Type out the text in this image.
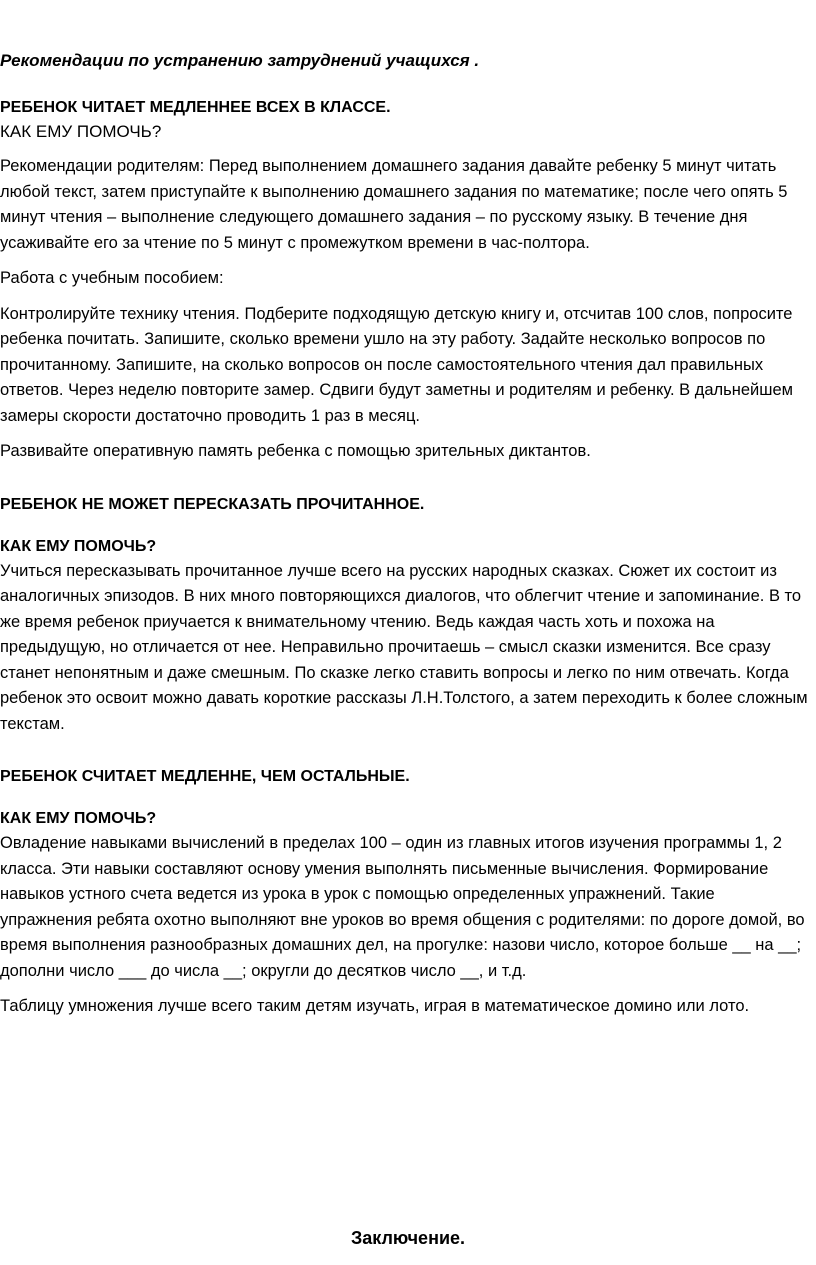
Рекомендации по устранению затруднений учащихся .

РЕБЕНОК ЧИТАЕТ МЕДЛЕННЕЕ ВСЕХ В КЛАССЕ.

КАК ЕМУ ПОМОЧЬ?

Рекомендации родителям: Перед выполнением домашнего задания давайте ребенку 5 минут читать любой текст, затем приступайте к выполнению домашнего задания по математике; после чего опять 5 минут чтения – выполнение следующего домашнего задания – по русскому языку. В течение дня усаживайте его за чтение по 5 минут с промежутком времени в час-полтора.

Работа с учебным пособием:

Контролируйте технику чтения. Подберите подходящую детскую книгу и, отсчитав 100 слов, попросите ребенка почитать. Запишите, сколько времени ушло на эту работу. Задайте несколько вопросов по прочитанному. Запишите, на сколько вопросов он после самостоятельного чтения дал правильных ответов. Через неделю повторите замер. Сдвиги будут заметны и родителям и ребенку. В дальнейшем замеры скорости достаточно проводить 1 раз в месяц.

Развивайте оперативную память ребенка с помощью зрительных диктантов.

РЕБЕНОК НЕ МОЖЕТ ПЕРЕСКАЗАТЬ ПРОЧИТАННОЕ.

КАК ЕМУ ПОМОЧЬ?

Учиться пересказывать прочитанное лучше всего на русских народных сказках. Сюжет их состоит из аналогичных эпизодов. В них много повторяющихся диалогов, что облегчит чтение и запоминание. В то же время ребенок приучается к внимательному чтению. Ведь каждая часть хоть и похожа на предыдущую, но отличается от нее. Неправильно прочитаешь – смысл сказки изменится. Все сразу станет непонятным и даже смешным. По сказке легко ставить вопросы и легко по ним отвечать. Когда ребенок это освоит можно давать короткие рассказы Л.Н.Толстого, а затем переходить к более сложным текстам.

РЕБЕНОК СЧИТАЕТ МЕДЛЕННЕ, ЧЕМ ОСТАЛЬНЫЕ.

КАК ЕМУ ПОМОЧЬ?

Овладение навыками вычислений в пределах 100 – один из главных итогов изучения программы 1, 2 класса. Эти навыки составляют основу умения выполнять письменные вычисления. Формирование навыков устного счета ведется из урока в урок с помощью определенных упражнений. Такие упражнения ребята охотно выполняют вне уроков во время общения с родителями: по дороге домой, во время выполнения разнообразных домашних дел, на прогулке: назови число, которое больше __ на __; дополни число ___ до числа __; округли до десятков число __, и т.д.

Таблицу умножения лучше всего таким детям изучать, играя в математическое домино или лото.

Заключение.
